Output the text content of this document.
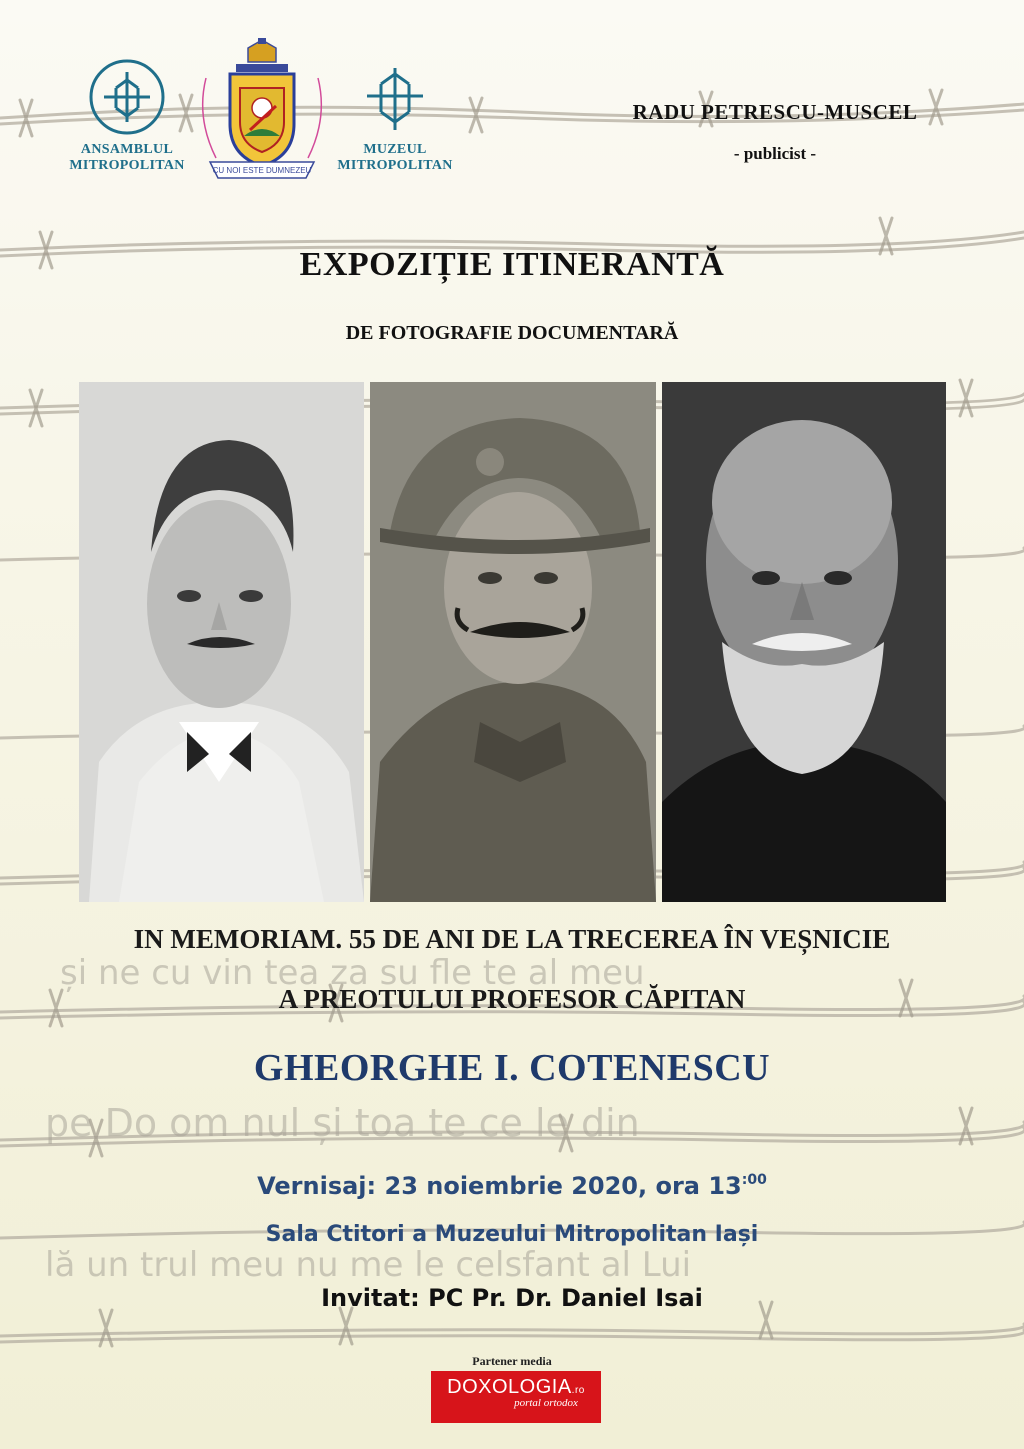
și ne cu vin tea za su fle te al meu
pe Do om nul și toa te ce le din
lă un trul meu nu me le celsfant al Lui
ANSAMBLUL
MITROPOLITAN	CU NOI ESTE DUMNEZEU
MUZEUL
MITROPOLITAN
RADU PETRESCU-MUSCEL
- publicist -
EXPOZIȚIE ITINERANTĂ
DE FOTOGRAFIE DOCUMENTARĂ
IN MEMORIAM. 55 DE ANI DE LA TRECEREA ÎN VEȘNICIE
A PREOTULUI PROFESOR CĂPITAN
GHEORGHE I. COTENESCU
Vernisaj: 23 noiembrie 2020, ora $13^{:00}$
Sala Ctitori a Muzeului Mitropolitan Iași
Invitat: PC Pr. Dr. Daniel Isai
Partener media
DOXOLOGIA.ro
portal ortodox
